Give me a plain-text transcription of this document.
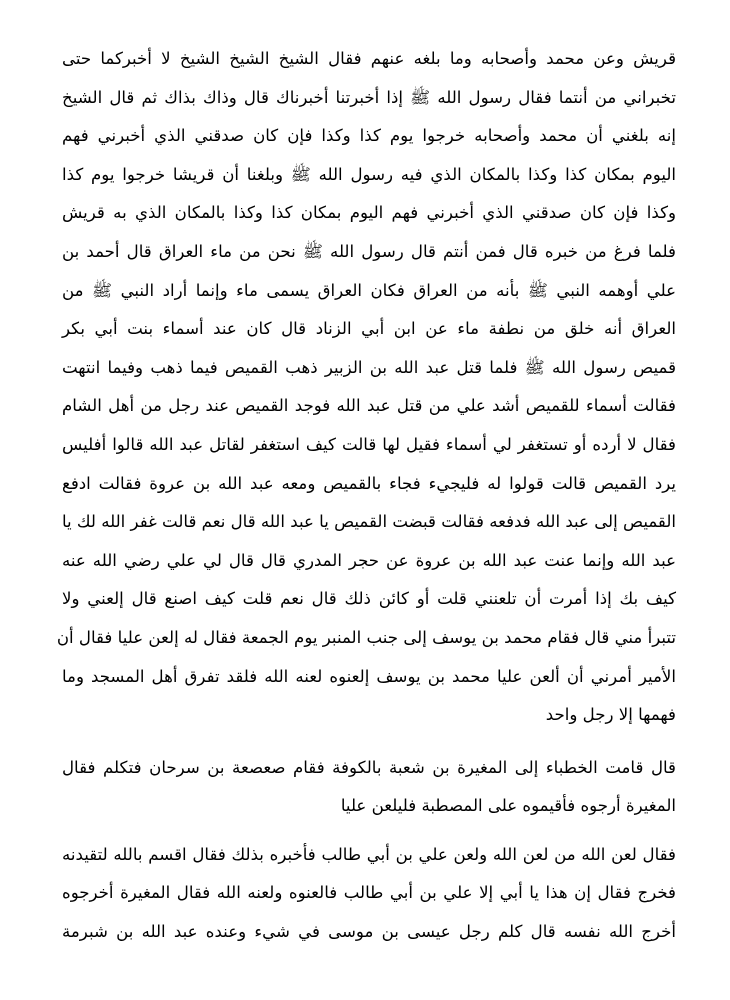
قريش وعن محمد وأصحابه وما بلغه عنهم فقال الشيخ الشيخ الشيخ لا أخبركما حتى
تخبراني من أنتما فقال رسول الله ﷺ إذا أخبرتنا أخبرناك قال وذاك بذاك ثم قال الشيخ
إنه بلغني أن محمد وأصحابه خرجوا يوم كذا وكذا فإن كان صدقني الذي أخبرني فهم
اليوم بمكان كذا وكذا بالمكان الذي فيه رسول الله ﷺ وبلغنا أن قريشا خرجوا يوم كذا
وكذا فإن كان صدقني الذي أخبرني فهم اليوم بمكان كذا وكذا بالمكان الذي به قريش
فلما فرغ من خبره قال فمن أنتم قال رسول الله ﷺ نحن من ماء العراق قال أحمد بن
علي أوهمه النبي ﷺ بأنه من العراق فكان العراق يسمى ماء وإنما أراد النبي ﷺ من
العراق أنه خلق من نطفة ماء عن ابن أبي الزناد قال كان عند أسماء بنت أبي بكر
قميص رسول الله ﷺ فلما قتل عبد الله بن الزبير ذهب القميص فيما ذهب وفيما انتهت
فقالت أسماء للقميص أشد علي من قتل عبد الله فوجد القميص عند رجل من أهل الشام
فقال لا أرده أو تستغفر لي أسماء فقيل لها قالت كيف استغفر لقاتل عبد الله قالوا أفليس
يرد القميص قالت قولوا له فليجيء فجاء بالقميص ومعه عبد الله بن عروة فقالت ادفع
القميص إلى عبد الله فدفعه فقالت قبضت القميص يا عبد الله قال نعم قالت غفر الله لك يا
عبد الله وإنما عنت عبد الله بن عروة عن حجر المدري قال قال لي علي رضي الله عنه
كيف بك إذا أمرت أن تلعنني قلت أو كائن ذلك قال نعم قلت كيف اصنع قال إلعني ولا
تتبرأ مني قال فقام محمد بن يوسف إلى جنب المنبر يوم الجمعة فقال له إلعن عليا فقال أن
الأمير أمرني أن ألعن عليا محمد بن يوسف إلعنوه لعنه الله فلقد تفرق أهل المسجد وما
فهمها إلا رجل واحد
قال قامت الخطباء إلى المغيرة بن شعبة بالكوفة فقام صعصعة بن سرحان فتكلم فقال
المغيرة أرجوه فأقيموه على المصطبة فليلعن عليا
فقال لعن الله من لعن الله ولعن علي بن أبي طالب فأخبره بذلك فقال اقسم بالله لتقيدنه
فخرج فقال إن هذا يا أبي إلا علي بن أبي طالب فالعنوه ولعنه الله فقال المغيرة أخرجوه
أخرج الله نفسه قال كلم رجل عيسى بن موسى في شيء وعنده عبد الله بن شبرمة
